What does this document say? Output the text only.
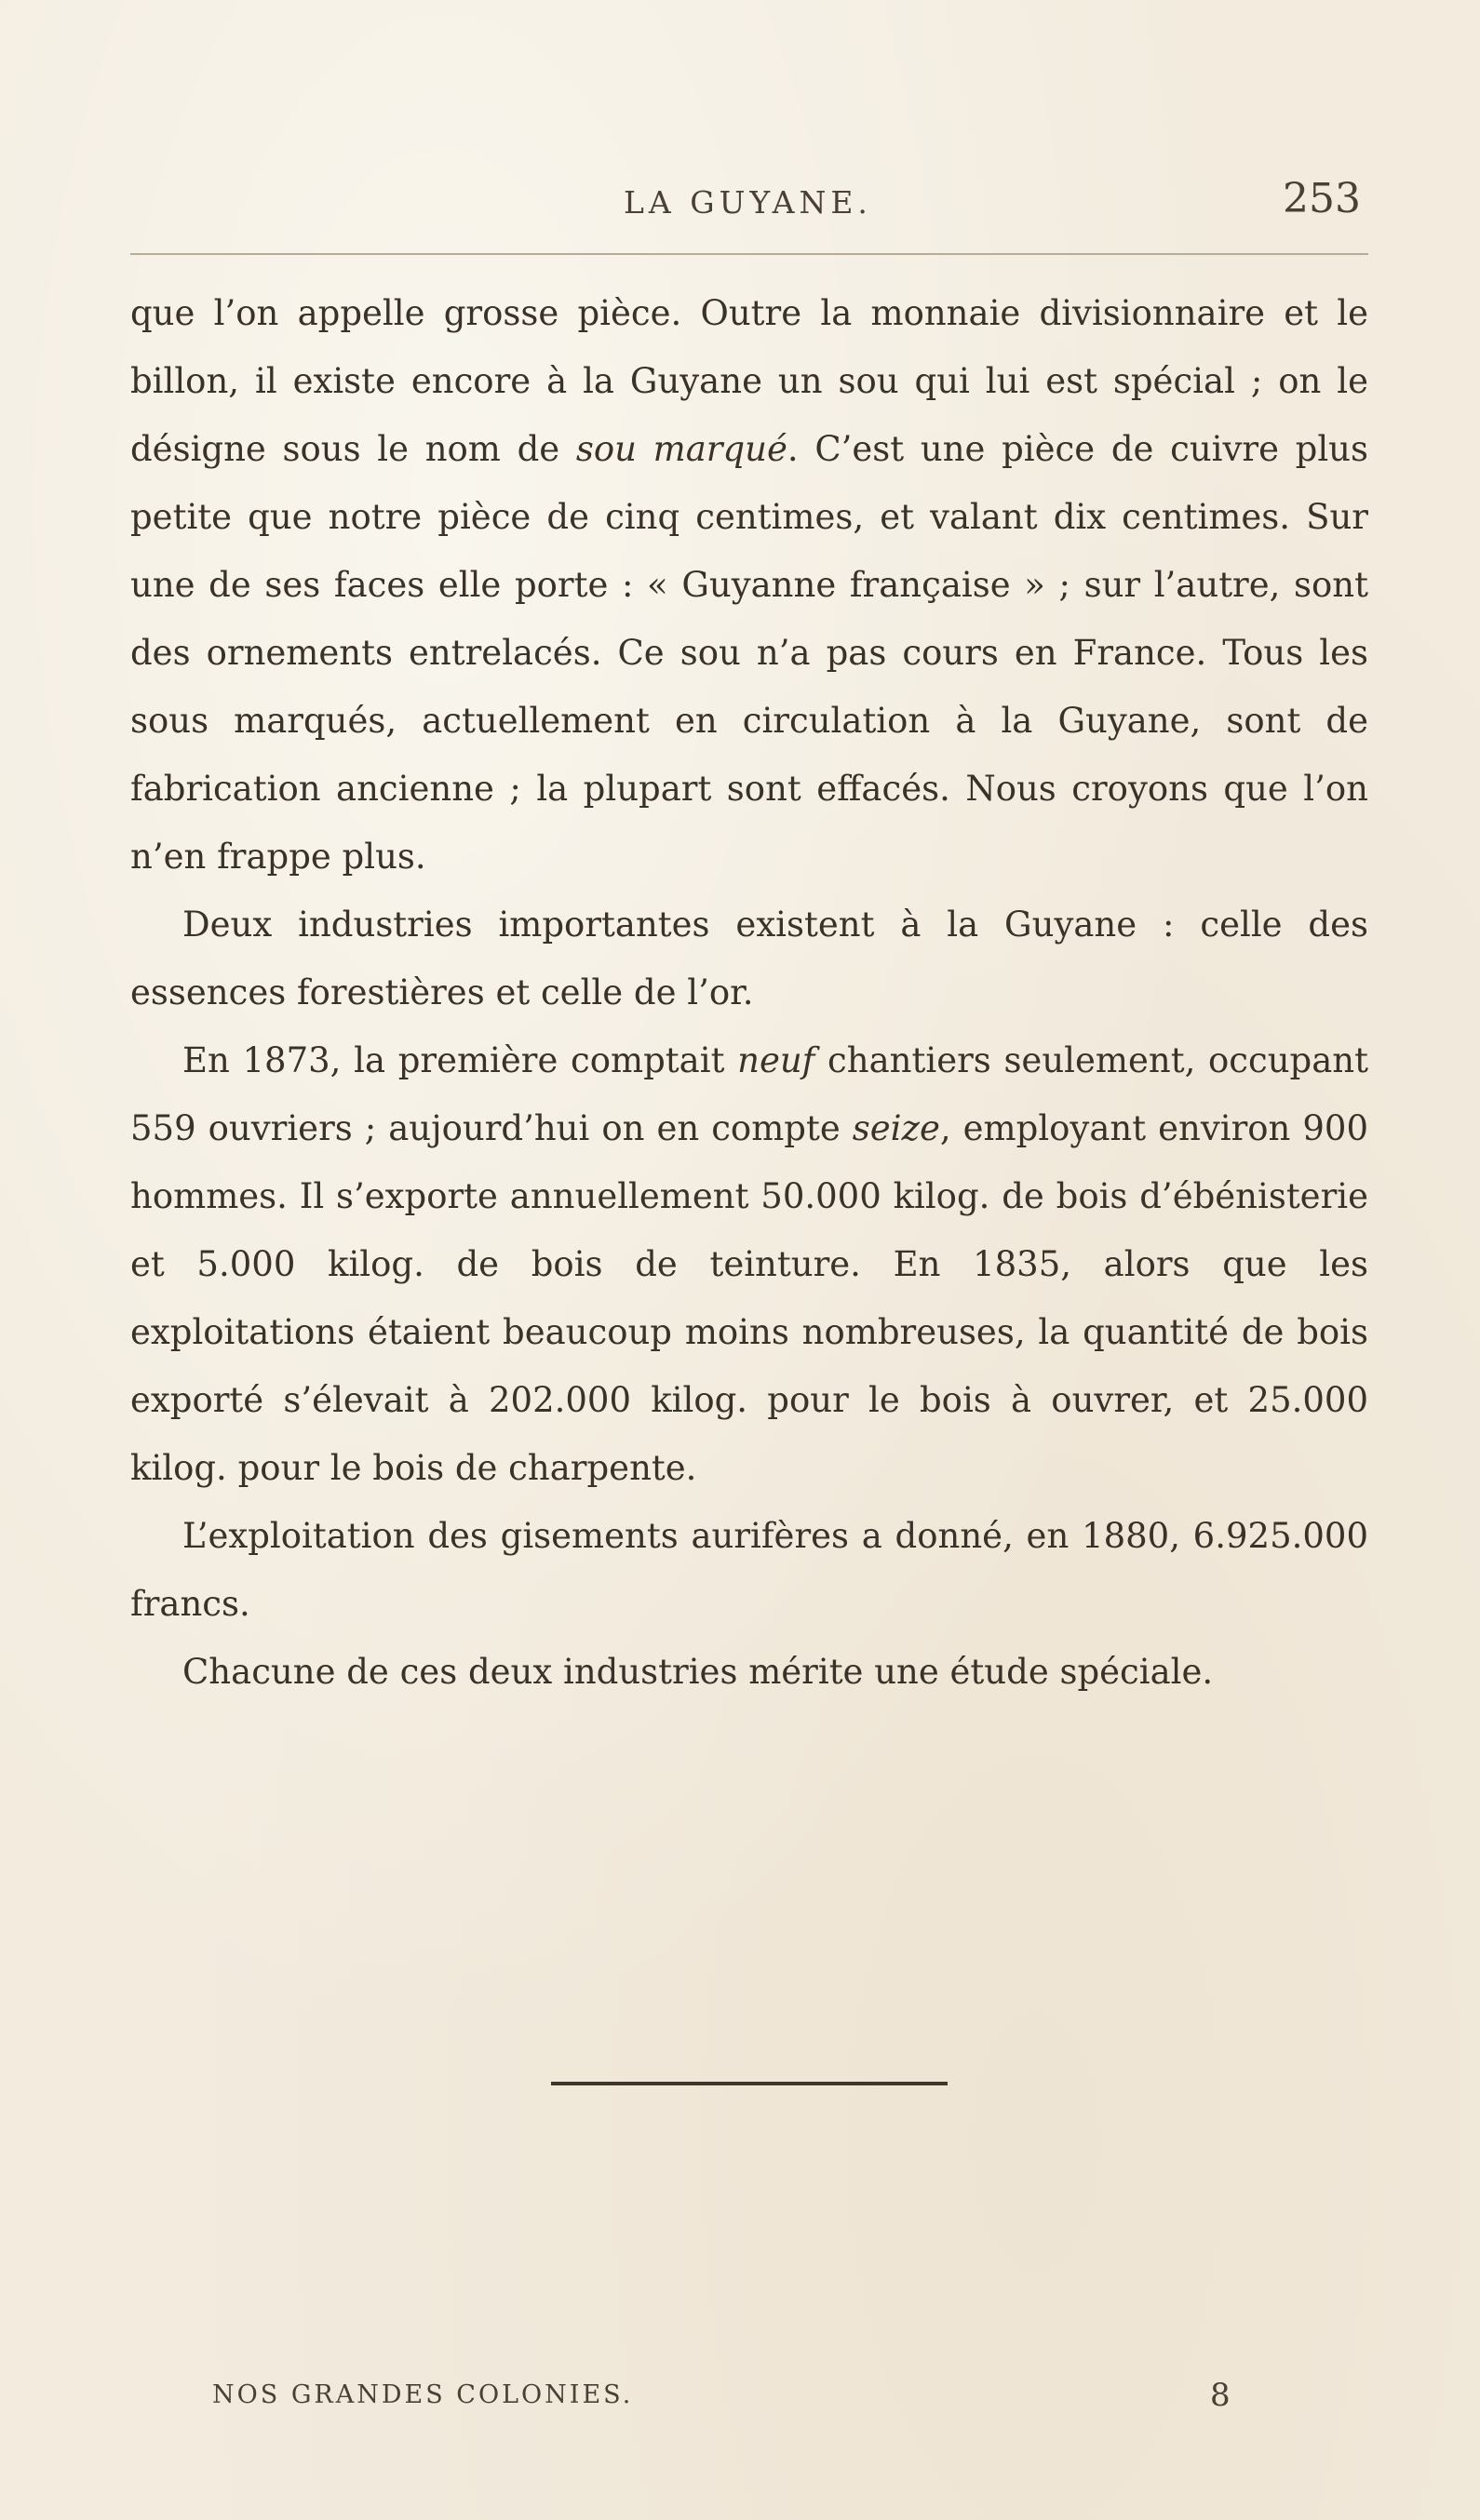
LA GUYANE.	253

que l’on appelle grosse pièce. Outre la monnaie divisionnaire et le billon, il existe encore à la Guyane un sou qui lui est spécial ; on le désigne sous le nom de sou marqué. C’est une pièce de cuivre plus petite que notre pièce de cinq centimes, et valant dix centimes. Sur une de ses faces elle porte : « Guyanne française » ; sur l’autre, sont des ornements entrelacés. Ce sou n’a pas cours en France. Tous les sous marqués, actuellement en circulation à la Guyane, sont de fabrication ancienne ; la plupart sont effacés. Nous croyons que l’on n’en frappe plus.

Deux industries importantes existent à la Guyane : celle des essences forestières et celle de l’or.

En 1873, la première comptait neuf chantiers seulement, occupant 559 ouvriers ; aujourd’hui on en compte seize, employant environ 900 hommes. Il s’exporte annuellement 50.000 kilog. de bois d’ébénisterie et 5.000 kilog. de bois de teinture. En 1835, alors que les exploitations étaient beaucoup moins nombreuses, la quantité de bois exporté s’élevait à 202.000 kilog. pour le bois à ouvrer, et 25.000 kilog. pour le bois de charpente.

L’exploitation des gisements aurifères a donné, en 1880, 6.925.000 francs.

Chacune de ces deux industries mérite une étude spéciale.

NOS GRANDES COLONIES.	8
